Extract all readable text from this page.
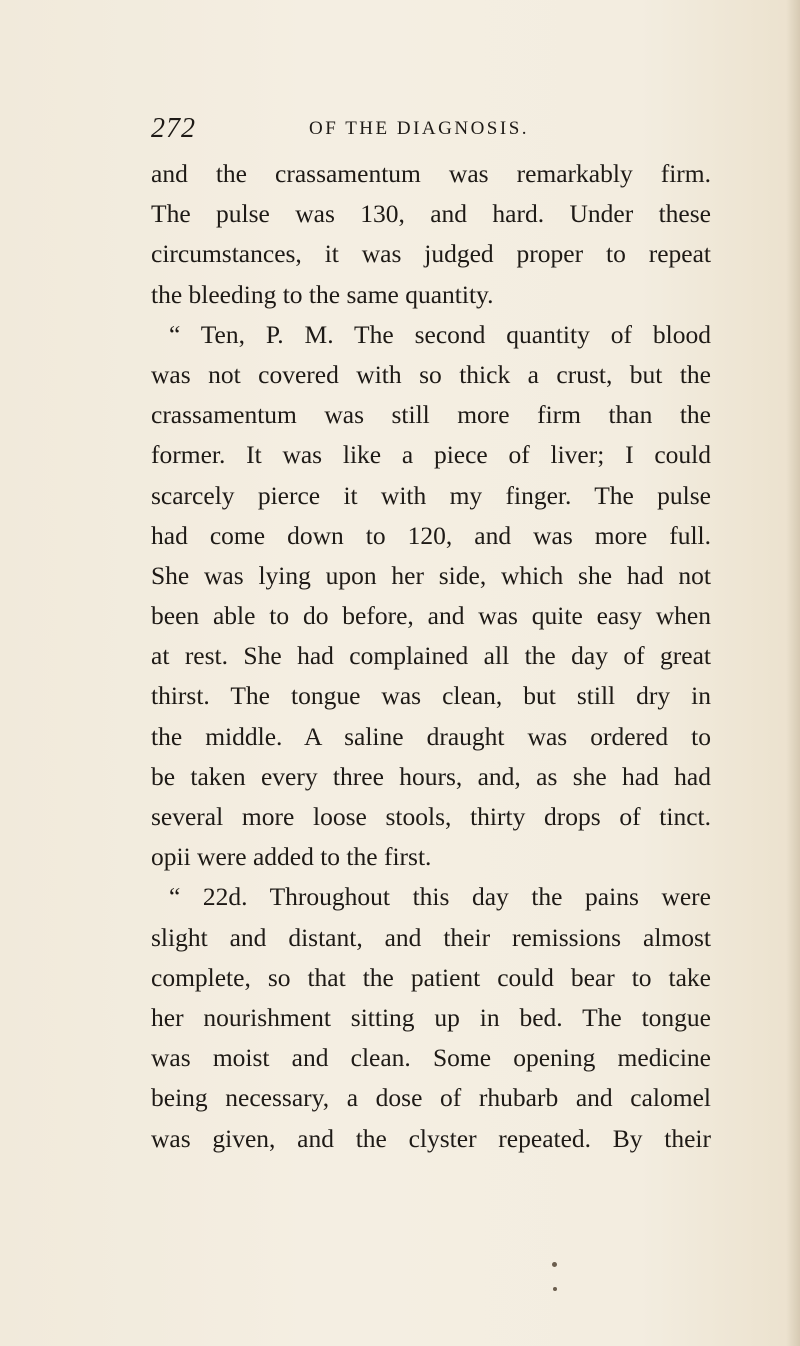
272	OF THE DIAGNOSIS.
and the crassamentum was remarkably firm.
The pulse was 130, and hard. Under these
circumstances, it was judged proper to repeat
the bleeding to the same quantity.
“ Ten, P. M. The second quantity of blood
was not covered with so thick a crust, but the
crassamentum was still more firm than the
former. It was like a piece of liver; I could
scarcely pierce it with my finger. The pulse
had come down to 120, and was more full.
She was lying upon her side, which she had not
been able to do before, and was quite easy when
at rest. She had complained all the day of great
thirst. The tongue was clean, but still dry in
the middle. A saline draught was ordered to
be taken every three hours, and, as she had had
several more loose stools, thirty drops of tinct.
opii were added to the first.
“ 22d. Throughout this day the pains were
slight and distant, and their remissions almost
complete, so that the patient could bear to take
her nourishment sitting up in bed. The tongue
was moist and clean. Some opening medicine
being necessary, a dose of rhubarb and calomel
was given, and the clyster repeated. By their
